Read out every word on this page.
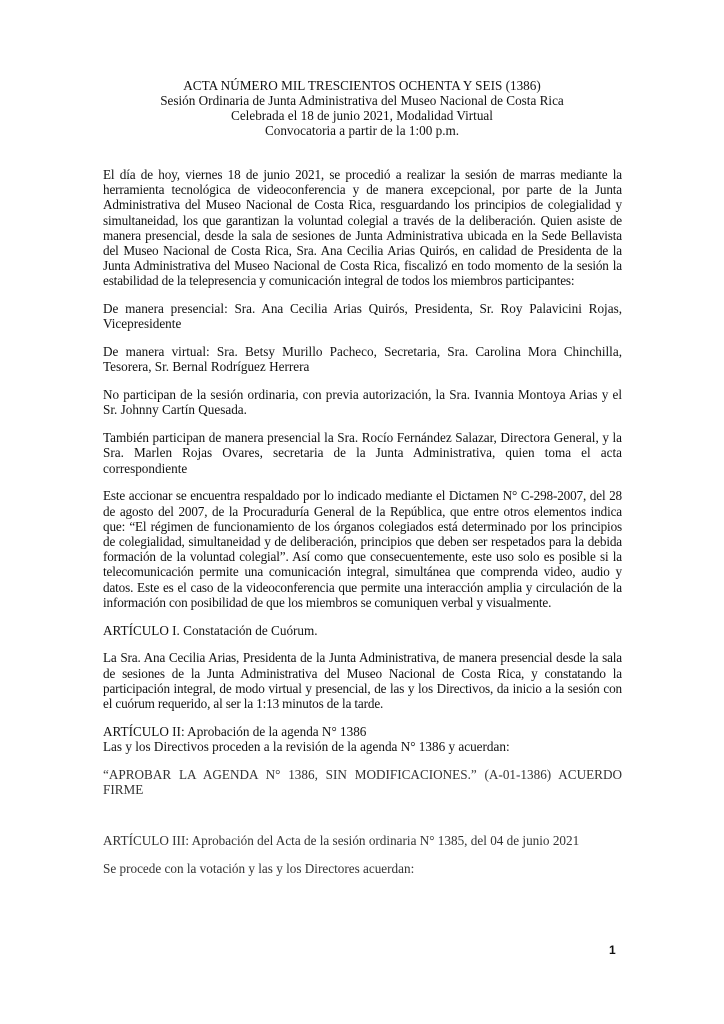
ACTA NÚMERO MIL TRESCIENTOS OCHENTA Y SEIS (1386)
Sesión Ordinaria de Junta Administrativa del Museo Nacional de Costa Rica
Celebrada el 18 de junio 2021, Modalidad Virtual
Convocatoria a partir de la 1:00 p.m.

El día de hoy, viernes 18 de junio 2021, se procedió a realizar la sesión de marras mediante la herramienta tecnológica de videoconferencia y de manera excepcional, por parte de la Junta Administrativa del Museo Nacional de Costa Rica, resguardando los principios de colegialidad y simultaneidad, los que garantizan la voluntad colegial a través de la deliberación. Quien asiste de manera presencial, desde la sala de sesiones de Junta Administrativa ubicada en la Sede Bellavista del Museo Nacional de Costa Rica, Sra. Ana Cecilia Arias Quirós, en calidad de Presidenta de la Junta Administrativa del Museo Nacional de Costa Rica, fiscalizó en todo momento de la sesión la estabilidad de la telepresencia y comunicación integral de todos los miembros participantes:

De manera presencial: Sra. Ana Cecilia Arias Quirós, Presidenta, Sr. Roy Palavicini Rojas, Vicepresidente

De manera virtual: Sra. Betsy Murillo Pacheco, Secretaria, Sra. Carolina Mora Chinchilla, Tesorera, Sr. Bernal Rodríguez Herrera

No participan de la sesión ordinaria, con previa autorización, la Sra. Ivannia Montoya Arias y el Sr. Johnny Cartín Quesada.

También participan de manera presencial la Sra. Rocío Fernández Salazar, Directora General, y la Sra. Marlen Rojas Ovares, secretaria de la Junta Administrativa, quien toma el acta correspondiente

Este accionar se encuentra respaldado por lo indicado mediante el Dictamen N° C-298-2007, del 28 de agosto del 2007, de la Procuraduría General de la República, que entre otros elementos indica que: “El régimen de funcionamiento de los órganos colegiados está determinado por los principios de colegialidad, simultaneidad y de deliberación, principios que deben ser respetados para la debida formación de la voluntad colegial”. Así como que consecuentemente, este uso solo es posible si la telecomunicación permite una comunicación integral, simultánea que comprenda video, audio y datos. Este es el caso de la videoconferencia que permite una interacción amplia y circulación de la información con posibilidad de que los miembros se comuniquen verbal y visualmente.

ARTÍCULO I. Constatación de Cuórum.

La Sra. Ana Cecilia Arias, Presidenta de la Junta Administrativa, de manera presencial desde la sala de sesiones de la Junta Administrativa del Museo Nacional de Costa Rica, y constatando la participación integral, de modo virtual y presencial, de las y los Directivos, da inicio a la sesión con el cuórum requerido, al ser la 1:13 minutos de la tarde.

ARTÍCULO II: Aprobación de la agenda N° 1386
Las y los Directivos proceden a la revisión de la agenda N° 1386 y acuerdan:

“APROBAR LA AGENDA N° 1386, SIN MODIFICACIONES.” (A-01-1386) ACUERDO FIRME

ARTÍCULO III: Aprobación del Acta de la sesión ordinaria N° 1385, del 04 de junio 2021

Se procede con la votación y las y los Directores acuerdan:

1
